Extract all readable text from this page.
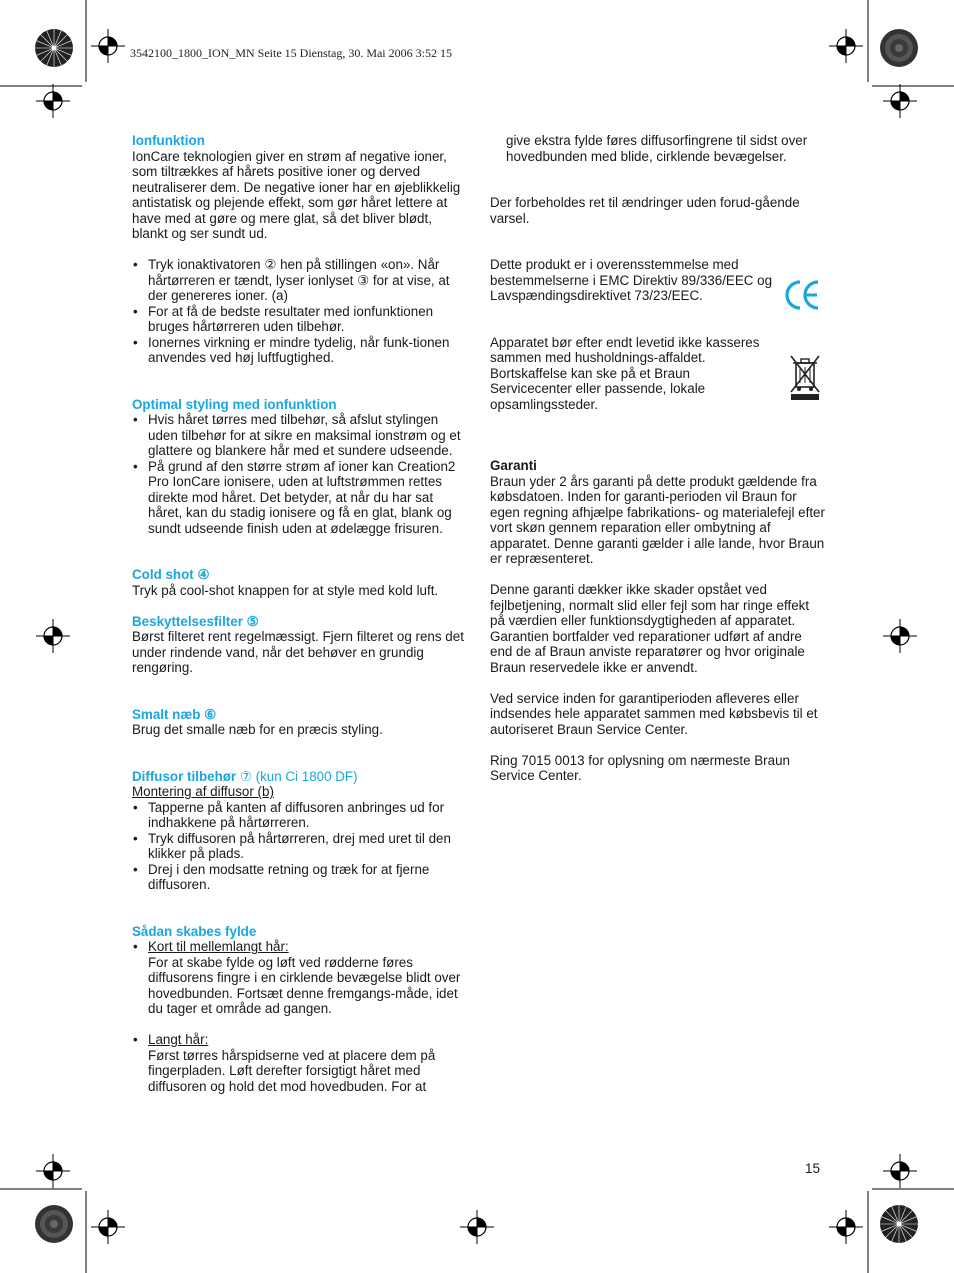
3542100_1800_ION_MN Seite 15 Dienstag, 30. Mai 2006 3:52 15
Ionfunktion

IonCare teknologien giver en strøm af negative ioner, som tiltrækkes af hårets positive ioner og derved neutraliserer dem. De negative ioner har en øjeblikkelig antistatisk og plejende effekt, som gør håret lettere at have med at gøre og mere glat, så det bliver blødt, blankt og ser sundt ud.

• Tryk ionaktivatoren ② hen på stillingen «on». Når hårtørreren er tændt, lyser ionlyset ③ for at vise, at der genereres ioner. (a)
• For at få de bedste resultater med ionfunktionen bruges hårtørreren uden tilbehør.
• Ionernes virkning er mindre tydelig, når funk-tionen anvendes ved høj luftfugtighed.
Optimal styling med ionfunktion
• Hvis håret tørres med tilbehør, så afslut stylingen uden tilbehør for at sikre en maksimal ionstrøm og et glattere og blankere hår med et sundere udseende.
• På grund af den større strøm af ioner kan Creation2 Pro IonCare ionisere, uden at luftstrømmen rettes direkte mod håret. Det betyder, at når du har sat håret, kan du stadig ionisere og få en glat, blank og sundt udseende finish uden at ødelægge frisuren.
Cold shot ④

Tryk på cool-shot knappen for at style med kold luft.

Beskyttelsesfilter ⑤

Børst filteret rent regelmæssigt. Fjern filteret og rens det under rindende vand, når det behøver en grundig rengøring.

Smalt næb ⑥

Brug det smalle næb for en præcis styling.

Diffusor tilbehør ⑦ (kun Ci 1800 DF)
Montering af diffusor (b)
• Tapperne på kanten af diffusoren anbringes ud for indhakkene på hårtørreren.
• Tryk diffusoren på hårtørreren, drej med uret til den klikker på plads.
• Drej i den modsatte retning og træk for at fjerne diffusoren.
Sådan skabes fylde
• Kort til mellemlangt hår:
For at skabe fylde og løft ved rødderne føres diffusorens fingre i en cirklende bevægelse blidt over hovedbunden. Fortsæt denne fremgangs-måde, idet du tager et område ad gangen.
• Langt hår:
Først tørres hårspidserne ved at placere dem på fingerpladen. Løft derefter forsigtigt håret med diffusoren og hold det mod hovedbuden. For at

give ekstra fylde føres diffusorfingrene til sidst over hovedbunden med blide, cirklende bevægelser.

Der forbeholdes ret til ændringer uden forud-gående varsel.

Dette produkt er i overensstemmelse med bestemmelserne i EMC Direktiv 89/336/EEC og Lavspændingsdirektivet 73/23/EEC.

Apparatet bør efter endt levetid ikke kasseres sammen med husholdnings-affaldet. Bortskaffelse kan ske på et Braun Servicecenter eller passende, lokale opsamlingssteder.

Garanti

Braun yder 2 års garanti på dette produkt gældende fra købsdatoen. Inden for garanti-perioden vil Braun for egen regning afhjælpe fabrikations- og materialefejl efter vort skøn gennem reparation eller ombytning af apparatet. Denne garanti gælder i alle lande, hvor Braun er repræsenteret.

Denne garanti dækker ikke skader opstået ved fejlbetjening, normalt slid eller fejl som har ringe effekt på værdien eller funktionsdygtigheden af apparatet. Garantien bortfalder ved reparationer udført af andre end de af Braun anviste reparatører og hvor originale Braun reservedele ikke er anvendt.

Ved service inden for garantiperioden afleveres eller indsendes hele apparatet sammen med købsbevis til et autoriseret Braun Service Center.

Ring 7015 0013 for oplysning om nærmeste Braun Service Center.

15
